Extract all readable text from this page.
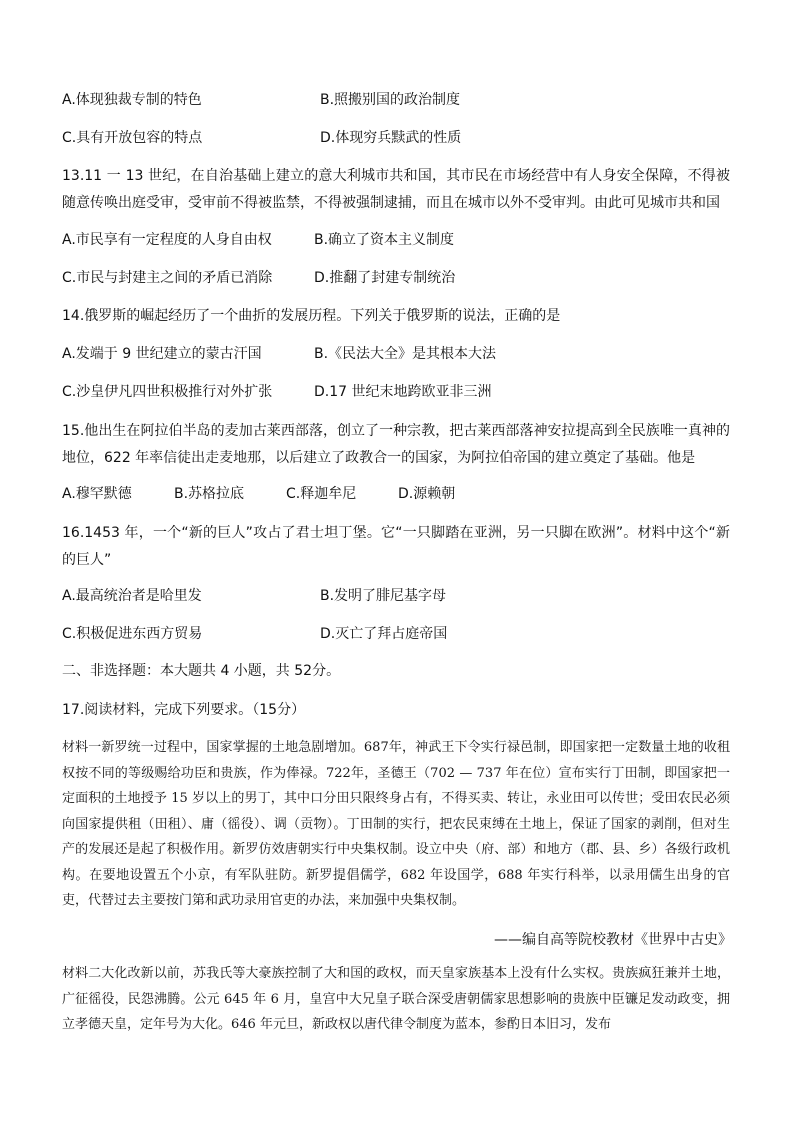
A.体现独裁专制的特色	B.照搬别国的政治制度
C.具有开放包容的特点	D.体现穷兵黩武的性质
13.11 一 13 世纪，在自治基础上建立的意大利城市共和国，其市民在市场经营中有人身安全保障，不得被随意传唤出庭受审，受审前不得被监禁，不得被强制逮捕，而且在城市以外不受审判。由此可见城市共和国
A.市民享有一定程度的人身自由权	B.确立了资本主义制度
C.市民与封建主之间的矛盾已消除	D.推翻了封建专制统治
14.俄罗斯的崛起经历了一个曲折的发展历程。下列关于俄罗斯的说法，正确的是
A.发端于 9 世纪建立的蒙古汗国	B.《民法大全》是其根本大法
C.沙皇伊凡四世积极推行对外扩张	D.17 世纪末地跨欧亚非三洲
15.他出生在阿拉伯半岛的麦加古莱西部落，创立了一种宗教，把古莱西部落神安拉提高到全民族唯一真神的地位，622 年率信徒出走麦地那，以后建立了政教合一的国家，为阿拉伯帝国的建立奠定了基础。他是
A.穆罕默德	B.苏格拉底	C.释迦牟尼	D.源赖朝
16.1453 年，一个“新的巨人”攻占了君士坦丁堡。它“一只脚踏在亚洲，另一只脚在欧洲”。材料中这个“新的巨人”
A.最高统治者是哈里发	B.发明了腓尼基字母
C.积极促进东西方贸易	D.灭亡了拜占庭帝国
二、非选择题：本大题共 4 小题，共 52分。
17.阅读材料，完成下列要求。（15分）
材料一新罗统一过程中，国家掌握的土地急剧增加。687年，神武王下令实行禄邑制，即国家把一定数量土地的收租权按不同的等级赐给功臣和贵族，作为俸禄。722年，圣德王（702 — 737 年在位）宣布实行丁田制，即国家把一定面积的土地授予 15 岁以上的男丁，其中口分田只限终身占有，不得买卖、转让，永业田可以传世；受田农民必须向国家提供租（田租）、庸（徭役）、调（贡物）。丁田制的实行，把农民束缚在土地上，保证了国家的剥削，但对生产的发展还是起了积极作用。新罗仿效唐朝实行中央集权制。设立中央（府、部）和地方（郡、县、乡）各级行政机构。在要地设置五个小京，有军队驻防。新罗提倡儒学，682 年设国学，688 年实行科举，以录用儒生出身的官吏，代替过去主要按门第和武功录用官吏的办法，来加强中央集权制。
——编自高等院校教材《世界中古史》
材料二大化改新以前，苏我氏等大豪族控制了大和国的政权，而天皇家族基本上没有什么实权。贵族疯狂兼并土地，广征徭役，民怨沸腾。公元 645 年 6 月，皇宫中大兄皇子联合深受唐朝儒家思想影响的贵族中臣镰足发动政变，拥立孝德天皇，定年号为大化。646 年元旦，新政权以唐代律令制度为蓝本，参酌日本旧习，发布
